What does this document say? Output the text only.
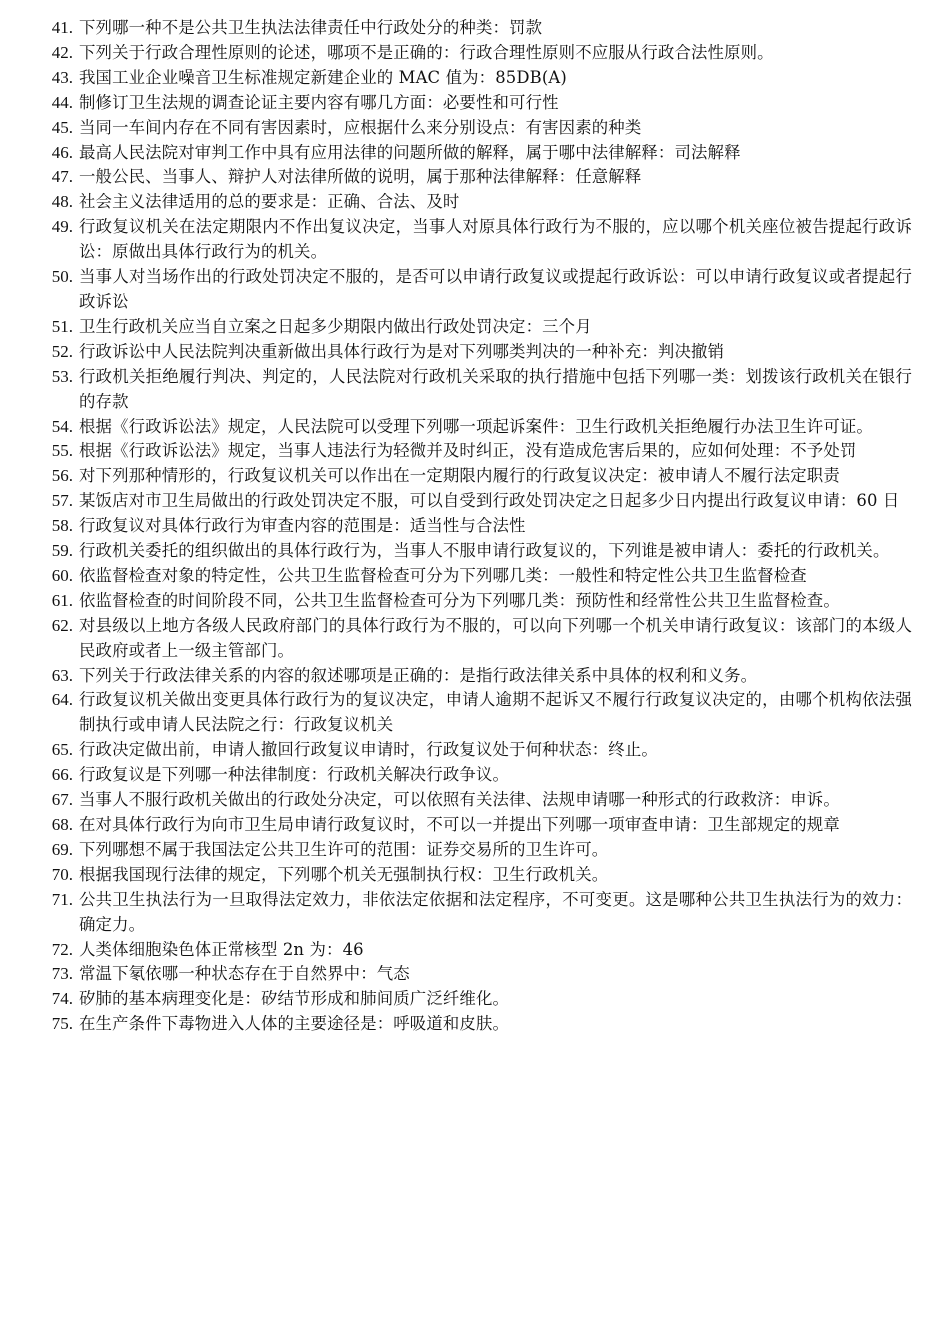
41. 下列哪一种不是公共卫生执法法律责任中行政处分的种类：罚款
42. 下列关于行政合理性原则的论述，哪项不是正确的：行政合理性原则不应服从行政合法性原则。
43. 我国工业企业噪音卫生标准规定新建企业的 MAC 值为：85DB(A)
44. 制修订卫生法规的调查论证主要内容有哪几方面：必要性和可行性
45. 当同一车间内存在不同有害因素时，应根据什么来分别设点：有害因素的种类
46. 最高人民法院对审判工作中具有应用法律的问题所做的解释，属于哪中法律解释：司法解释
47. 一般公民、当事人、辩护人对法律所做的说明，属于那种法律解释：任意解释
48. 社会主义法律适用的总的要求是：正确、合法、及时
49. 行政复议机关在法定期限内不作出复议决定，当事人对原具体行政行为不服的，应以哪个机关座位被告提起行政诉讼：原做出具体行政行为的机关。
50. 当事人对当场作出的行政处罚决定不服的，是否可以申请行政复议或提起行政诉讼：可以申请行政复议或者提起行政诉讼
51. 卫生行政机关应当自立案之日起多少期限内做出行政处罚决定：三个月
52. 行政诉讼中人民法院判决重新做出具体行政行为是对下列哪类判决的一种补充：判决撤销
53. 行政机关拒绝履行判决、判定的，人民法院对行政机关采取的执行措施中包括下列哪一类：划拨该行政机关在银行的存款
54. 根据《行政诉讼法》规定，人民法院可以受理下列哪一项起诉案件：卫生行政机关拒绝履行办法卫生许可证。
55. 根据《行政诉讼法》规定，当事人违法行为轻微并及时纠正，没有造成危害后果的，应如何处理：不予处罚
56. 对下列那种情形的，行政复议机关可以作出在一定期限内履行的行政复议决定：被申请人不履行法定职责
57. 某饭店对市卫生局做出的行政处罚决定不服，可以自受到行政处罚决定之日起多少日内提出行政复议申请：60 日
58. 行政复议对具体行政行为审查内容的范围是：适当性与合法性
59. 行政机关委托的组织做出的具体行政行为，当事人不服申请行政复议的，下列谁是被申请人：委托的行政机关。
60. 依监督检查对象的特定性，公共卫生监督检查可分为下列哪几类：一般性和特定性公共卫生监督检查
61. 依监督检查的时间阶段不同，公共卫生监督检查可分为下列哪几类：预防性和经常性公共卫生监督检查。
62. 对县级以上地方各级人民政府部门的具体行政行为不服的，可以向下列哪一个机关申请行政复议：该部门的本级人民政府或者上一级主管部门。
63. 下列关于行政法律关系的内容的叙述哪项是正确的：是指行政法律关系中具体的权利和义务。
64. 行政复议机关做出变更具体行政行为的复议决定，申请人逾期不起诉又不履行行政复议决定的，由哪个机构依法强制执行或申请人民法院之行：行政复议机关
65. 行政决定做出前，申请人撤回行政复议申请时，行政复议处于何种状态：终止。
66. 行政复议是下列哪一种法律制度：行政机关解决行政争议。
67. 当事人不服行政机关做出的行政处分决定，可以依照有关法律、法规申请哪一种形式的行政救济：申诉。
68. 在对具体行政行为向市卫生局申请行政复议时，不可以一并提出下列哪一项审查申请：卫生部规定的规章
69. 下列哪想不属于我国法定公共卫生许可的范围：证券交易所的卫生许可。
70. 根据我国现行法律的规定，下列哪个机关无强制执行权：卫生行政机关。
71. 公共卫生执法行为一旦取得法定效力，非依法定依据和法定程序，不可变更。这是哪种公共卫生执法行为的效力：确定力。
72. 人类体细胞染色体正常核型 2n 为：46
73. 常温下氡依哪一种状态存在于自然界中：气态
74. 矽肺的基本病理变化是：矽结节形成和肺间质广泛纤维化。
75. 在生产条件下毒物进入人体的主要途径是：呼吸道和皮肤。
